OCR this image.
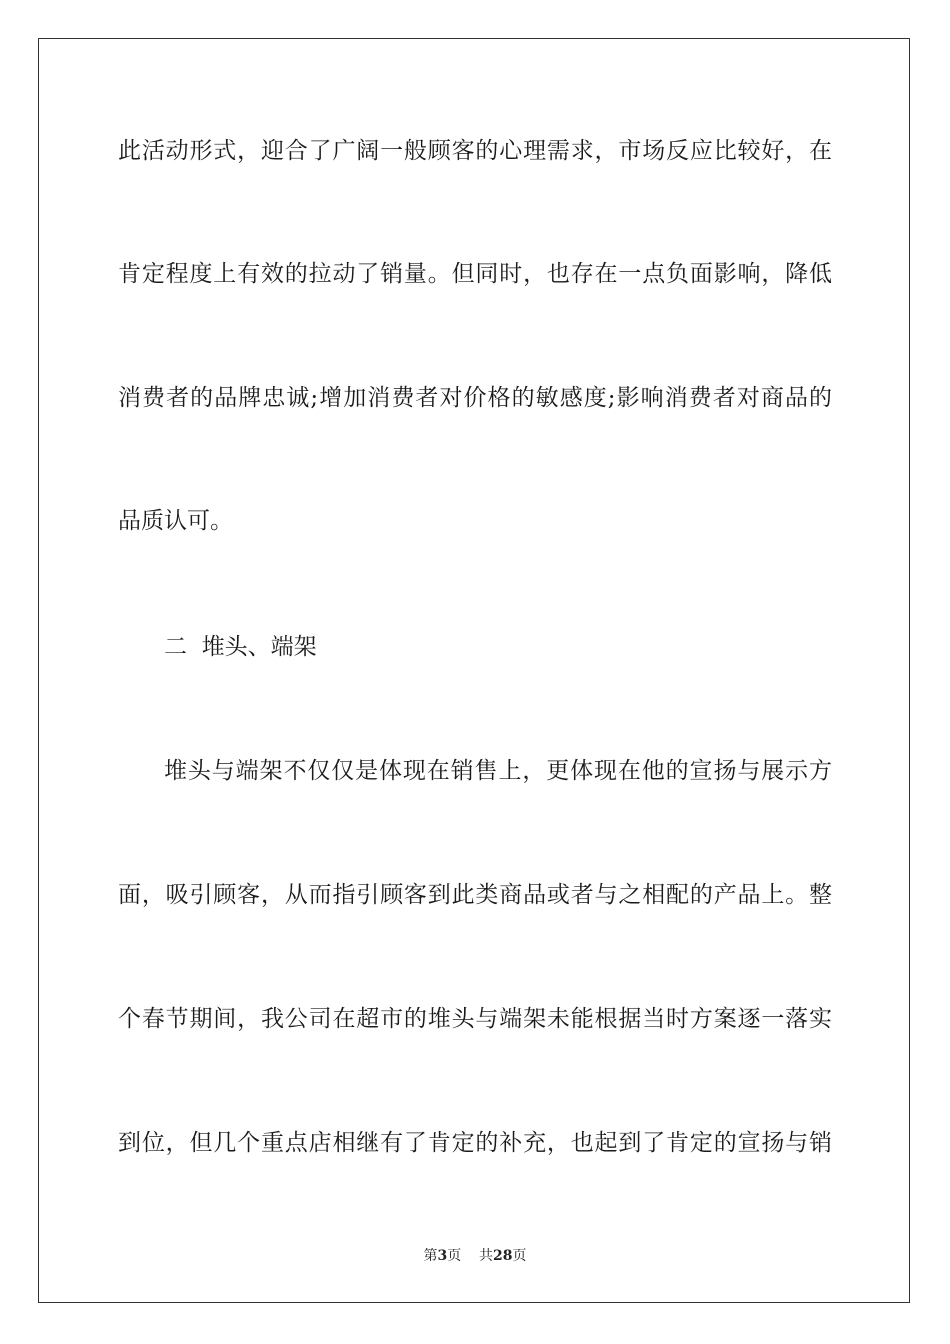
此活动形式，迎合了广阔一般顾客的心理需求，市场反应比较好，在
肯定程度上有效的拉动了销量。但同时，也存在一点负面影响，降低
消费者的品牌忠诚;增加消费者对价格的敏感度;影响消费者对商品的
品质认可。
二  堆头、端架
堆头与端架不仅仅是体现在销售上，更体现在他的宣扬与展示方
面，吸引顾客，从而指引顾客到此类商品或者与之相配的产品上。整
个春节期间，我公司在超市的堆头与端架未能根据当时方案逐一落实
到位，但几个重点店相继有了肯定的补充，也起到了肯定的宣扬与销
第3页 共28页
